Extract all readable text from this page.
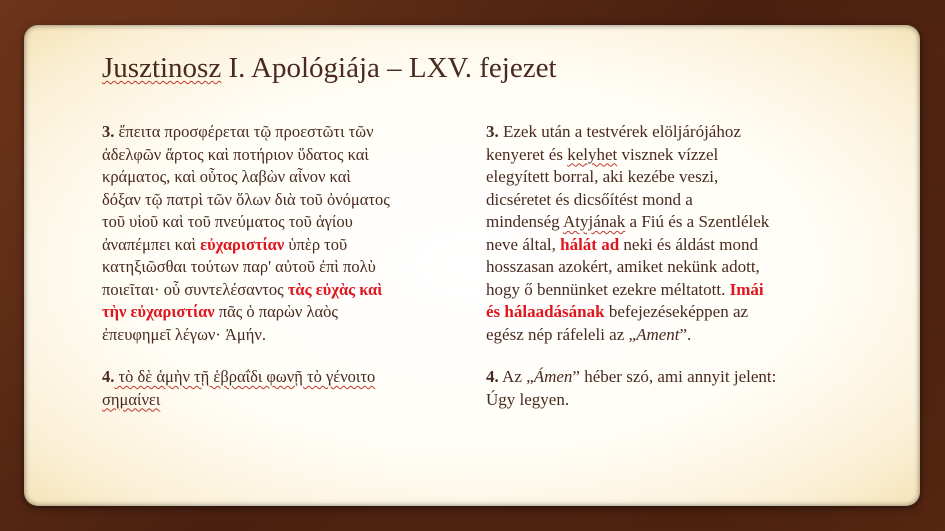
Jusztinosz I. Apológiája – LXV. fejezet

3. ἔπειτα προσφέρεται τῷ προεστῶτι τῶν
ἀδελφῶν ἄρτος καὶ ποτήριον ὕδατος καὶ
κράματος, καὶ οὗτος λαβὼν αἶνον καὶ
δόξαν τῷ πατρὶ τῶν ὅλων διὰ τοῦ ὀνόματος
τοῦ υἱοῦ καὶ τοῦ πνεύματος τοῦ ἁγίου
ἀναπέμπει καὶ εὐχαριστίαν ὑπὲρ τοῦ
κατηξιῶσθαι τούτων παρ' αὐτοῦ ἐπὶ πολὺ
ποιεῖται· οὗ συντελέσαντος τὰς εὐχὰς καὶ
τὴν εὐχαριστίαν πᾶς ὁ παρὼν λαὸς
ἐπευφημεῖ λέγων· Ἀμήν.

4. τὸ δὲ ἀμὴν τῇ ἑβραΐδι φωνῇ τὸ γένοιτο
σημαίνει

3. Ezek után a testvérek elöljárójához
kenyeret és kelyhet visznek vízzel
elegyített borral, aki kezébe veszi,
dicséretet és dicsőítést mond a
mindenség Atyjának a Fiú és a Szentlélek
neve által, hálát ad neki és áldást mond
hosszasan azokért, amiket nekünk adott,
hogy ő bennünket ezekre méltatott. Imái
és hálaadásának befejezéseképpen az
egész nép ráfeleli az „Ament”.

4. Az „Ámen” héber szó, ami annyit jelent:
Úgy legyen.
